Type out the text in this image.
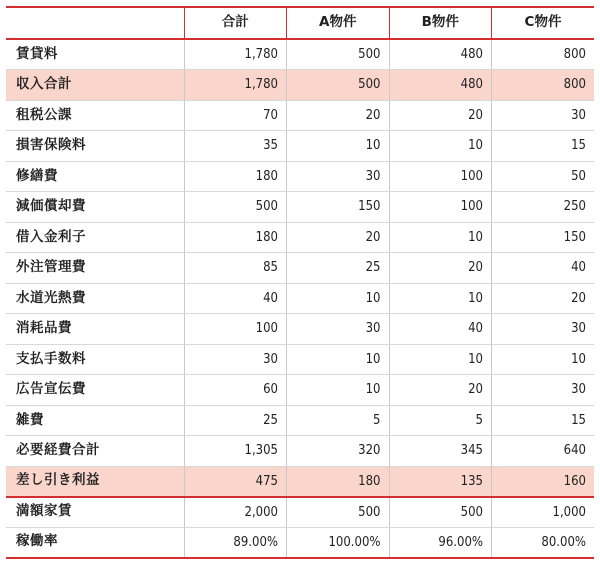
	合計	A物件	B物件	C物件
賃貸料	1,780	500	480	800
収入合計	1,780	500	480	800
租税公課	70	20	20	30
損害保険料	35	10	10	15
修繕費	180	30	100	50
減価償却費	500	150	100	250
借入金利子	180	20	10	150
外注管理費	85	25	20	40
水道光熱費	40	10	10	20
消耗品費	100	30	40	30
支払手数料	30	10	10	10
広告宣伝費	60	10	20	30
雑費	25	5	5	15
必要経費合計	1,305	320	345	640
差し引き利益	475	180	135	160
満額家賃	2,000	500	500	1,000
稼働率	89.00%	100.00%	96.00%	80.00%
